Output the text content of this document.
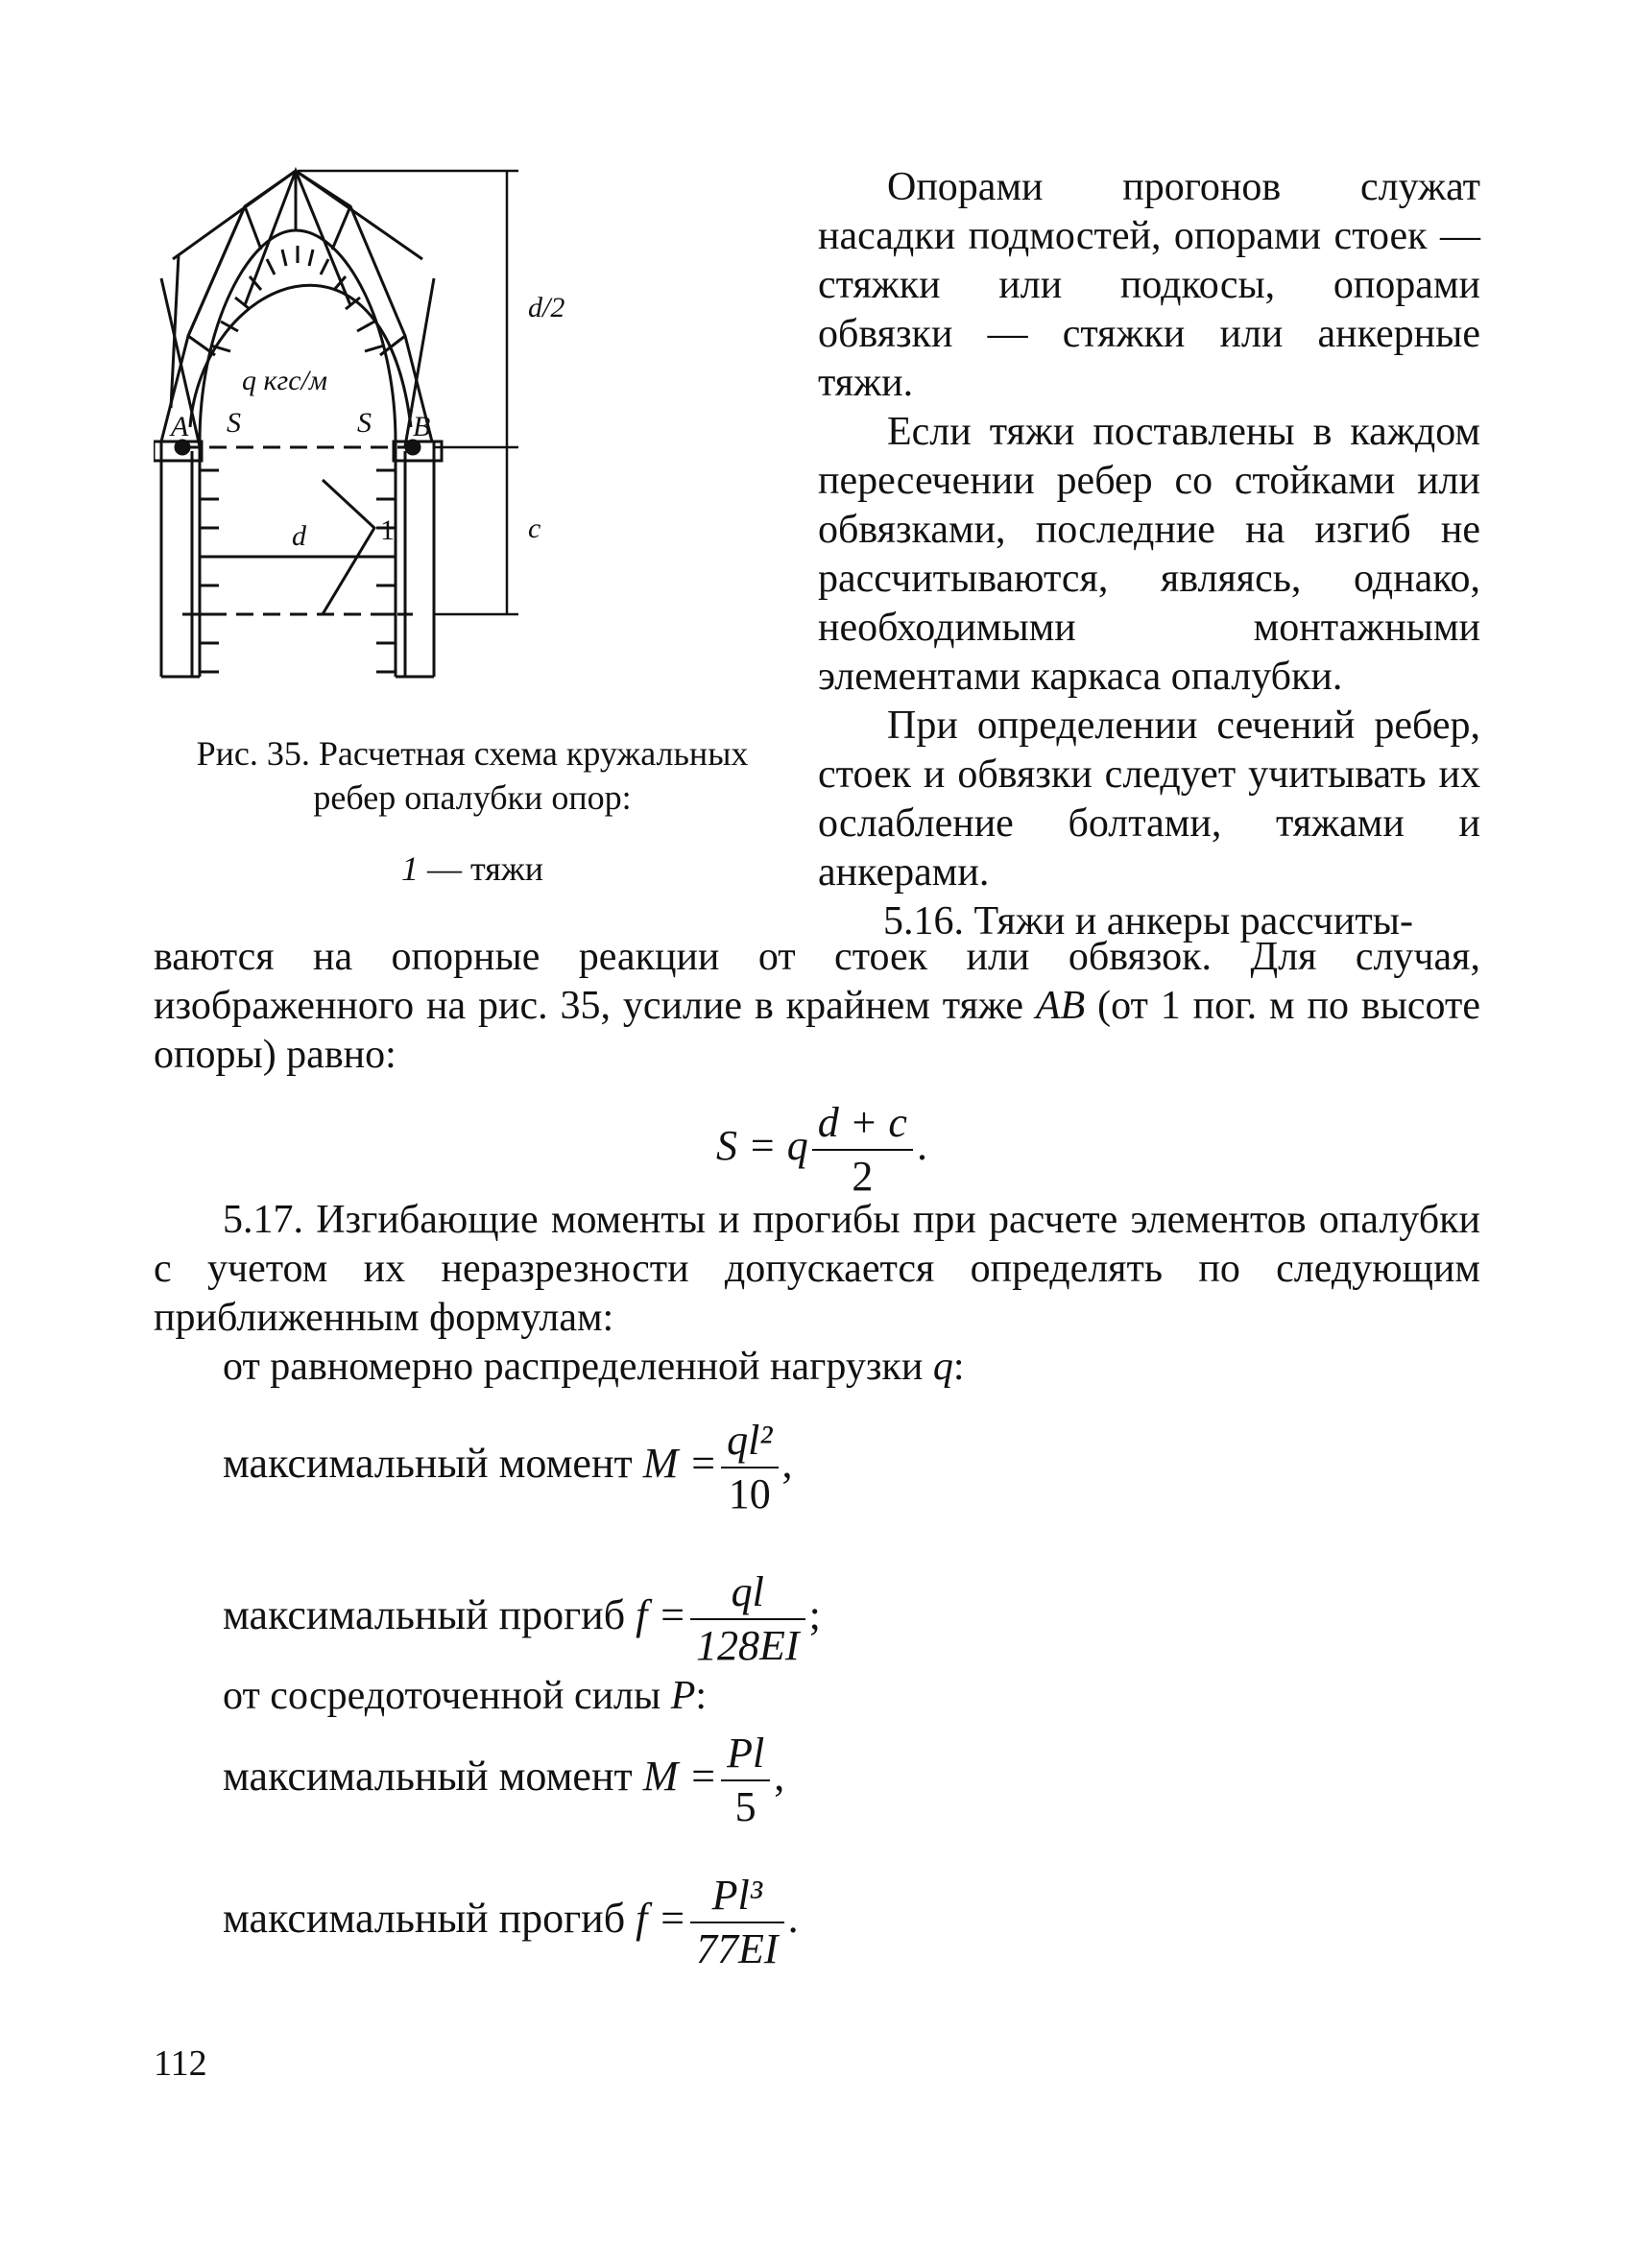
A	B
S	S
q кгс/м
d
d/2
c
1
Рис. 35. Расчетная схема кружальных ребер опалубки опор:
1 — тяжи

Опорами прогонов служат насадки подмостей, опорами стоек — стяжки или подкосы, опорами обвязки — стяжки или анкерные тяжи.

Если тяжи поставлены в каждом пересечении ребер со стойками или обвязками, последние на изгиб не рассчитываются, являясь, однако, необходимыми монтажными элементами каркаса опалубки.

При определении сечений ребер, стоек и обвязки следует учитывать их ослабление болтами, тяжами и анкерами.

5.16. Тяжи и анкеры рассчиты-

ваются на опорные реакции от стоек или обвязок. Для случая, изображенного на рис. 35, усилие в крайнем тяже AB (от 1 пог. м по высоте опоры) равно:

S = q $\frac{d + c}{2}$ .

5.17. Изгибающие моменты и прогибы при расчете элементов опалубки с учетом их неразрезности допускается определять по следующим приближенным формулам:

от равномерно распределенной нагрузки q:

максимальный момент $M = \frac{\text{ql²}}{10}$ ,
максимальный прогиб $f = \frac{ql}{128EI}$ ;

от сосредоточенной силы P:

максимальный момент $M = \frac{Pl}{5}$ ,
максимальный прогиб $f = \frac{\text{Pl³}}{77EI}$ .
112
